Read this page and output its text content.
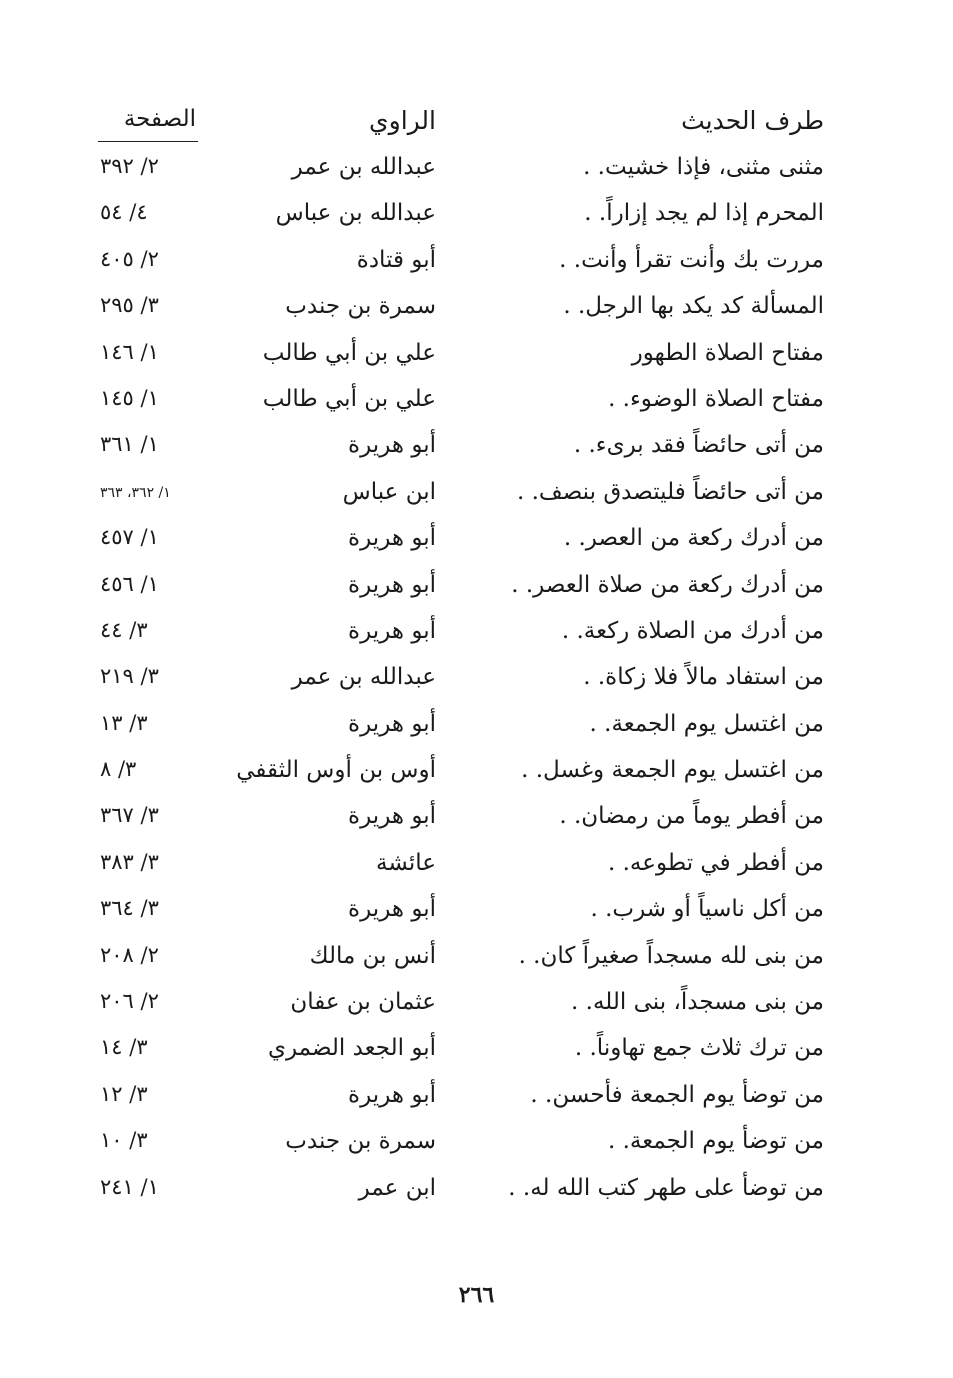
طرف الحديث
الراوي
الصفحة
مثنى مثنى، فإذا خشيت. .
عبدالله بن عمر
٢/ ٣٩٢
المحرم إذا لم يجد إزاراً. .
عبدالله بن عباس
٤/ ٥٤
مررت بك وأنت تقرأ وأنت. .
أبو قتادة
٢/ ٤٠٥
المسألة كد يكد بها الرجل. .
سمرة بن جندب
٣/ ٢٩٥
مفتاح الصلاة الطهور
علي بن أبي طالب
١/ ١٤٦
مفتاح الصلاة الوضوء. .
علي بن أبي طالب
١/ ١٤٥
من أتى حائضاً فقد برىء. .
أبو هريرة
١/ ٣٦١
من أتى حائضاً فليتصدق بنصف. .
ابن عباس
١/ ٣٦٢، ٣٦٣
من أدرك ركعة من العصر. .
أبو هريرة
١/ ٤٥٧
من أدرك ركعة من صلاة العصر. .
أبو هريرة
١/ ٤٥٦
من أدرك من الصلاة ركعة. .
أبو هريرة
٣/ ٤٤
من استفاد مالاً فلا زكاة. .
عبدالله بن عمر
٣/ ٢١٩
من اغتسل يوم الجمعة. .
أبو هريرة
٣/ ١٣
من اغتسل يوم الجمعة وغسل. .
أوس بن أوس الثقفي
٣/ ٨
من أفطر يوماً من رمضان. .
أبو هريرة
٣/ ٣٦٧
من أفطر في تطوعه. .
عائشة
٣/ ٣٨٣
من أكل ناسياً أو شرب. .
أبو هريرة
٣/ ٣٦٤
من بنى لله مسجداً صغيراً كان. .
أنس بن مالك
٢/ ٢٠٨
من بنى مسجداً، بنى الله. .
عثمان بن عفان
٢/ ٢٠٦
من ترك ثلاث جمع تهاوناً. .
أبو الجعد الضمري
٣/ ١٤
من توضأ يوم الجمعة فأحسن. .
أبو هريرة
٣/ ١٢
من توضأ يوم الجمعة. .
سمرة بن جندب
٣/ ١٠
من توضأ على طهر كتب الله له. .
ابن عمر
١/ ٢٤١
٢٦٦
